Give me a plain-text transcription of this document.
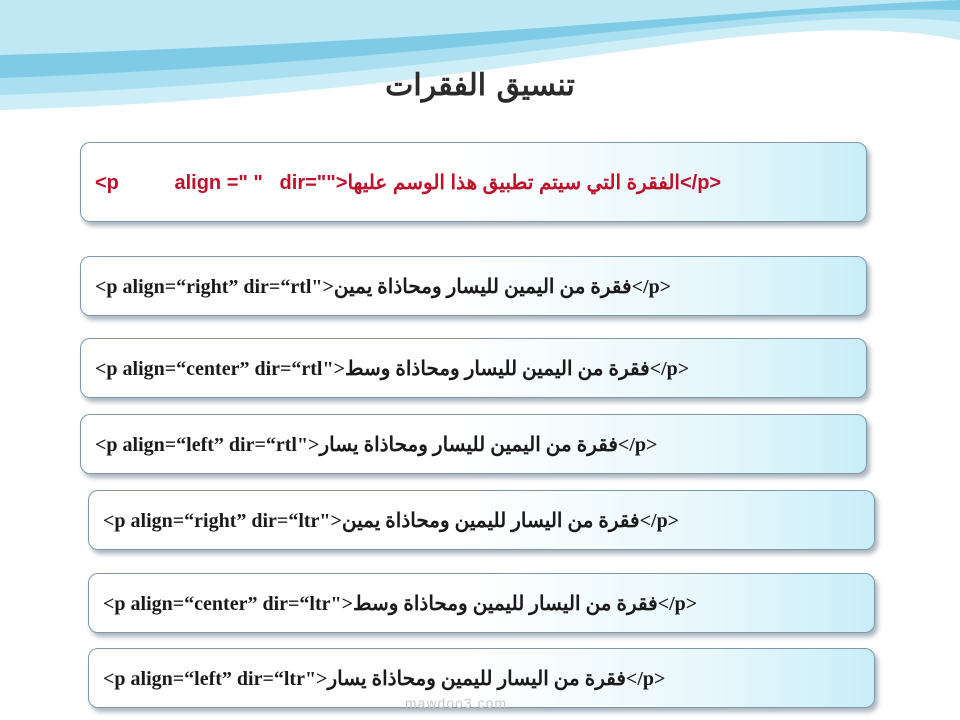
تنسيق الفقرات
<p          align =" "   dir="">الفقرة التي سيتم تطبيق هذا الوسم عليها</p>
<p align=“right” dir=“rtl">فقرة من اليمين لليسار ومحاذاة يمين</p>
<p align=“center” dir=“rtl">فقرة من اليمين لليسار ومحاذاة وسط</p>
<p align=“left” dir=“rtl">فقرة من اليمين لليسار ومحاذاة يسار</p>
<p align=“right” dir=“ltr">فقرة من اليسار لليمين ومحاذاة يمين</p>
<p align=“center” dir=“ltr">فقرة من اليسار لليمين ومحاذاة وسط</p>
<p align=“left” dir=“ltr">فقرة من اليسار لليمين ومحاذاة يسار</p>
mawdoo3.com
